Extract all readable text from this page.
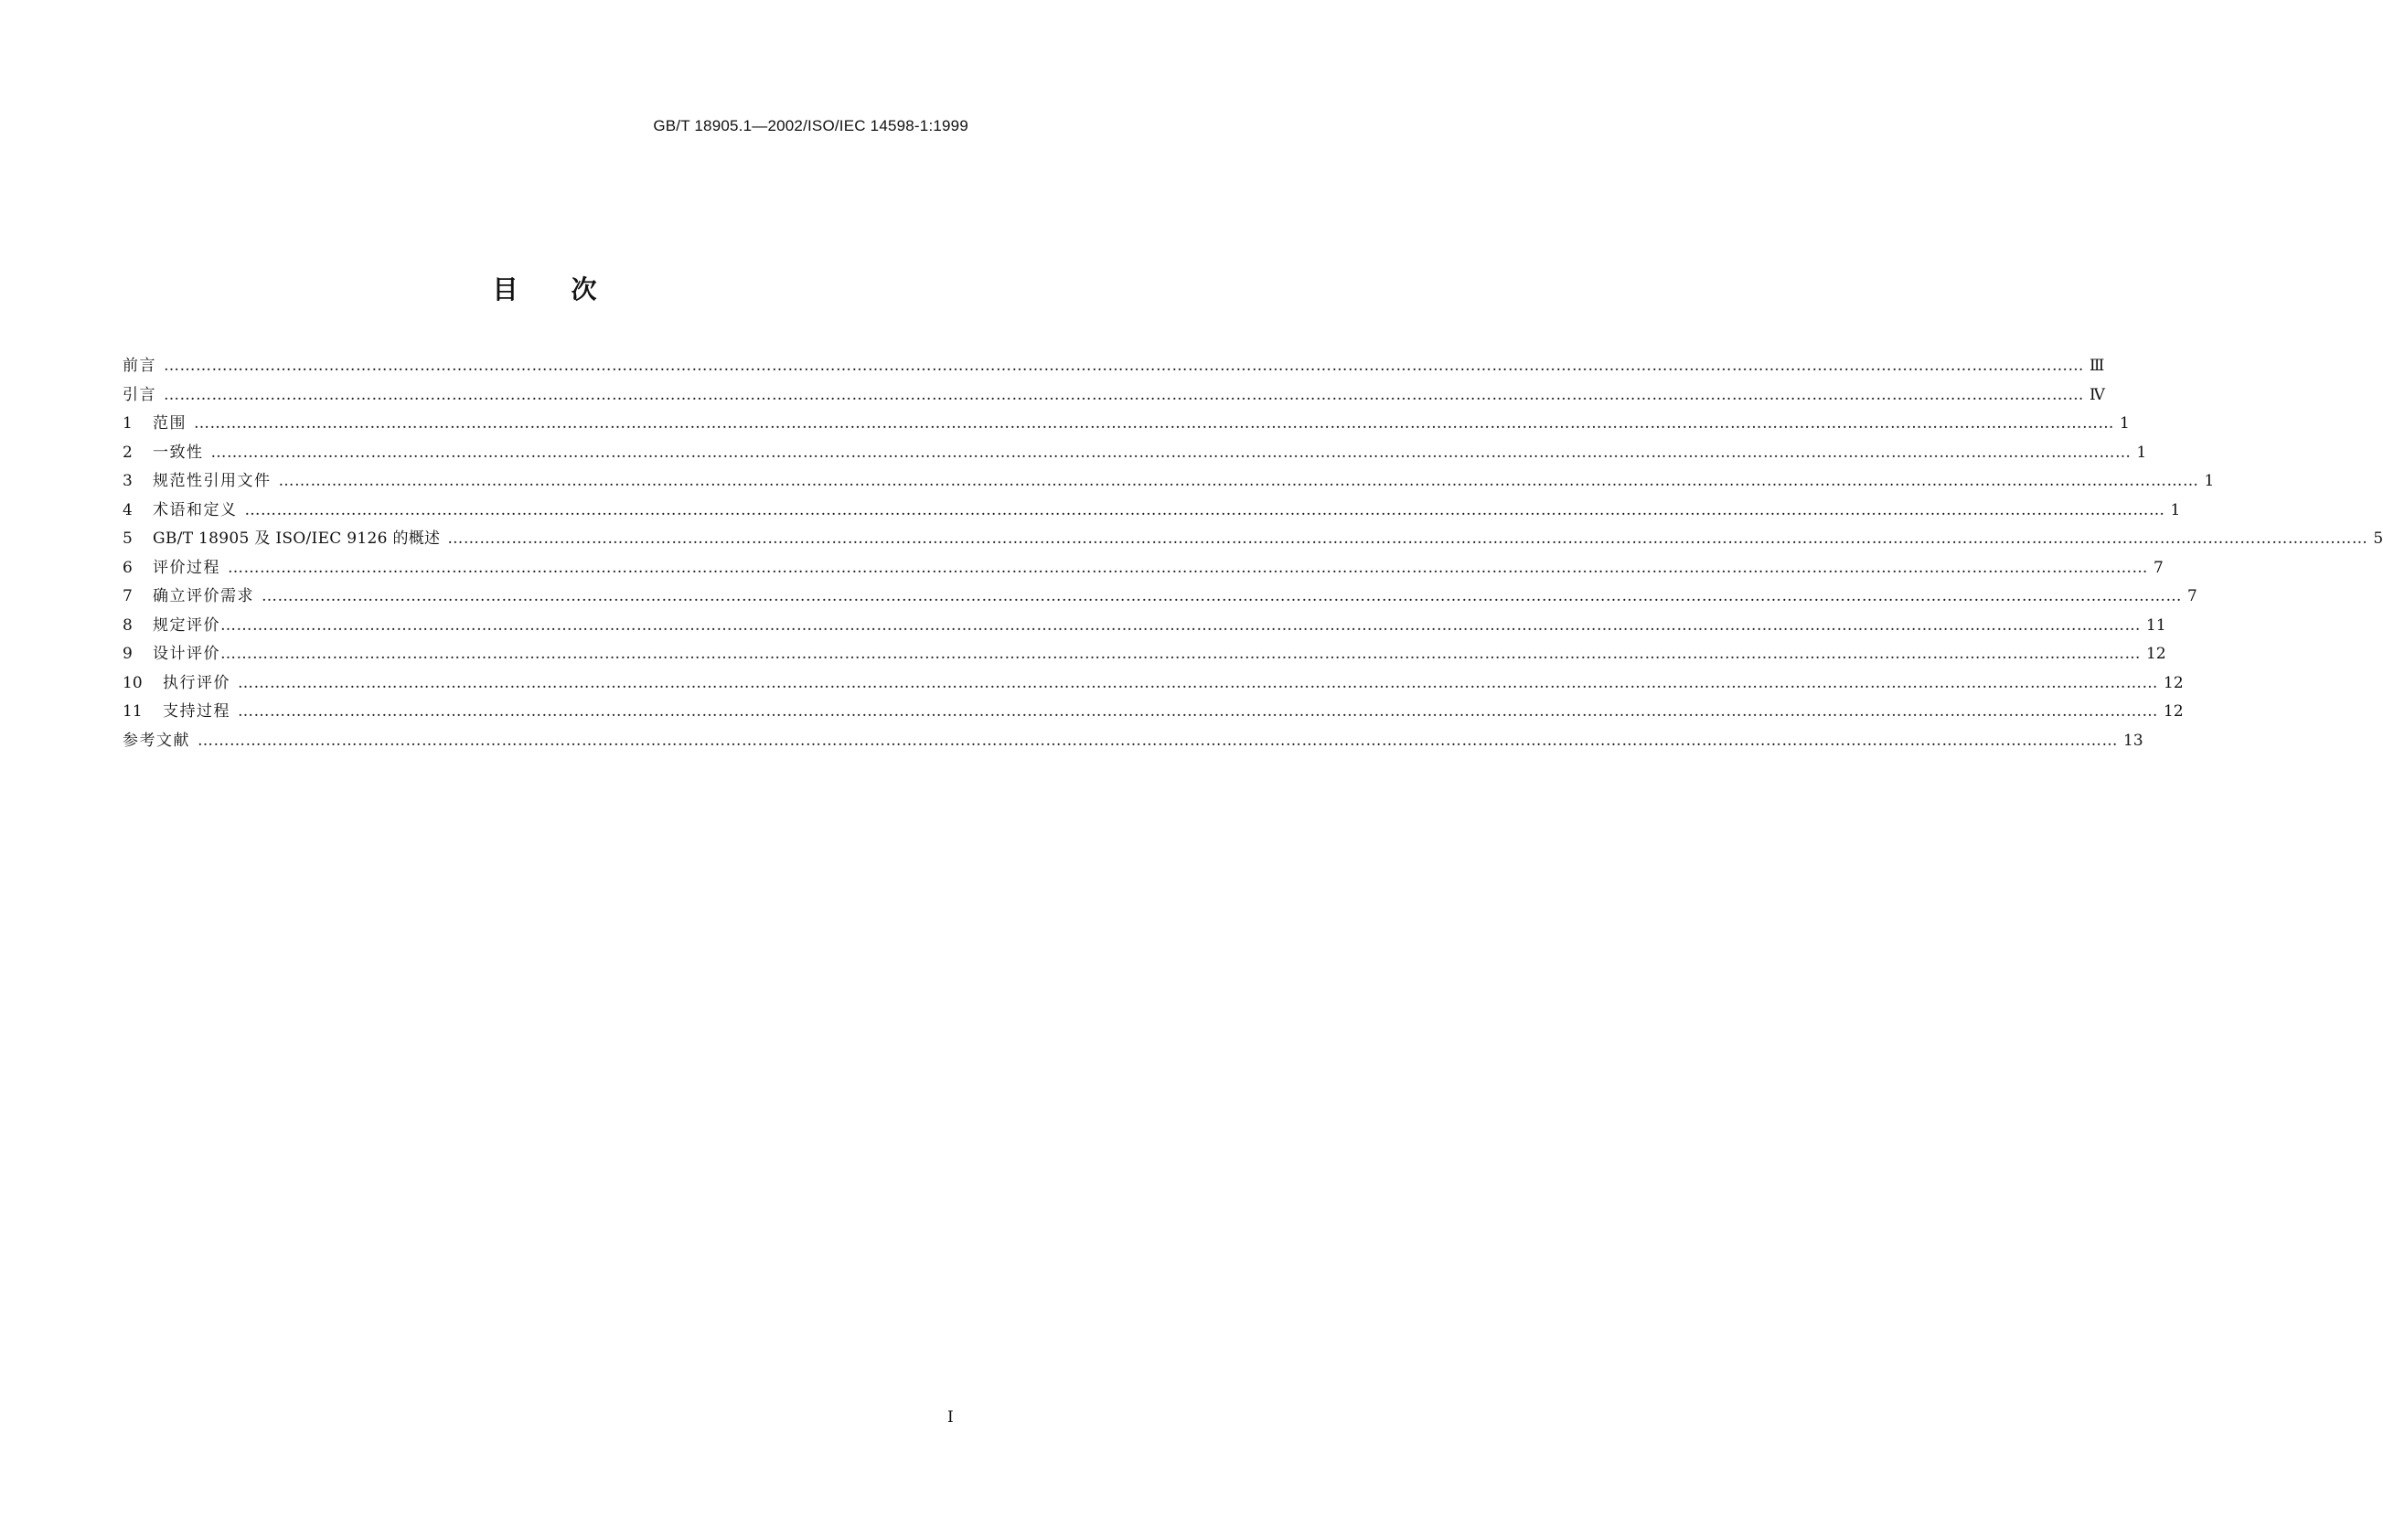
GB/T 18905.1—2002/ISO/IEC 14598-1:1999
目次
前言 ……………………………………………………………………………………………………………………………………………………………………………………………………………………………………………………………………………………………………………………………… Ⅲ
引言 ……………………………………………………………………………………………………………………………………………………………………………………………………………………………………………………………………………………………………………………………… Ⅳ
1	范围 ……………………………………………………………………………………………………………………………………………………………………………………………………………………………………………………………………………………………………………………………… 1
2	一致性 ……………………………………………………………………………………………………………………………………………………………………………………………………………………………………………………………………………………………………………………………… 1
3	规范性引用文件 ……………………………………………………………………………………………………………………………………………………………………………………………………………………………………………………………………………………………………………………………… 1
4	术语和定义 ……………………………………………………………………………………………………………………………………………………………………………………………………………………………………………………………………………………………………………………………… 1
5	GB/T 18905 及 ISO/IEC 9126 的概述 ……………………………………………………………………………………………………………………………………………………………………………………………………………………………………………………………………………………………………………………………… 5
6	评价过程 ……………………………………………………………………………………………………………………………………………………………………………………………………………………………………………………………………………………………………………………………… 7
7	确立评价需求 ……………………………………………………………………………………………………………………………………………………………………………………………………………………………………………………………………………………………………………………………… 7
8	规定评价 ……………………………………………………………………………………………………………………………………………………………………………………………………………………………………………………………………………………………………………………………… 11
9	设计评价 ……………………………………………………………………………………………………………………………………………………………………………………………………………………………………………………………………………………………………………………………… 12
10	执行评价 ……………………………………………………………………………………………………………………………………………………………………………………………………………………………………………………………………………………………………………………………… 12
11	支持过程 ……………………………………………………………………………………………………………………………………………………………………………………………………………………………………………………………………………………………………………………………… 12
参考文献 ……………………………………………………………………………………………………………………………………………………………………………………………………………………………………………………………………………………………………………………………… 13
I
